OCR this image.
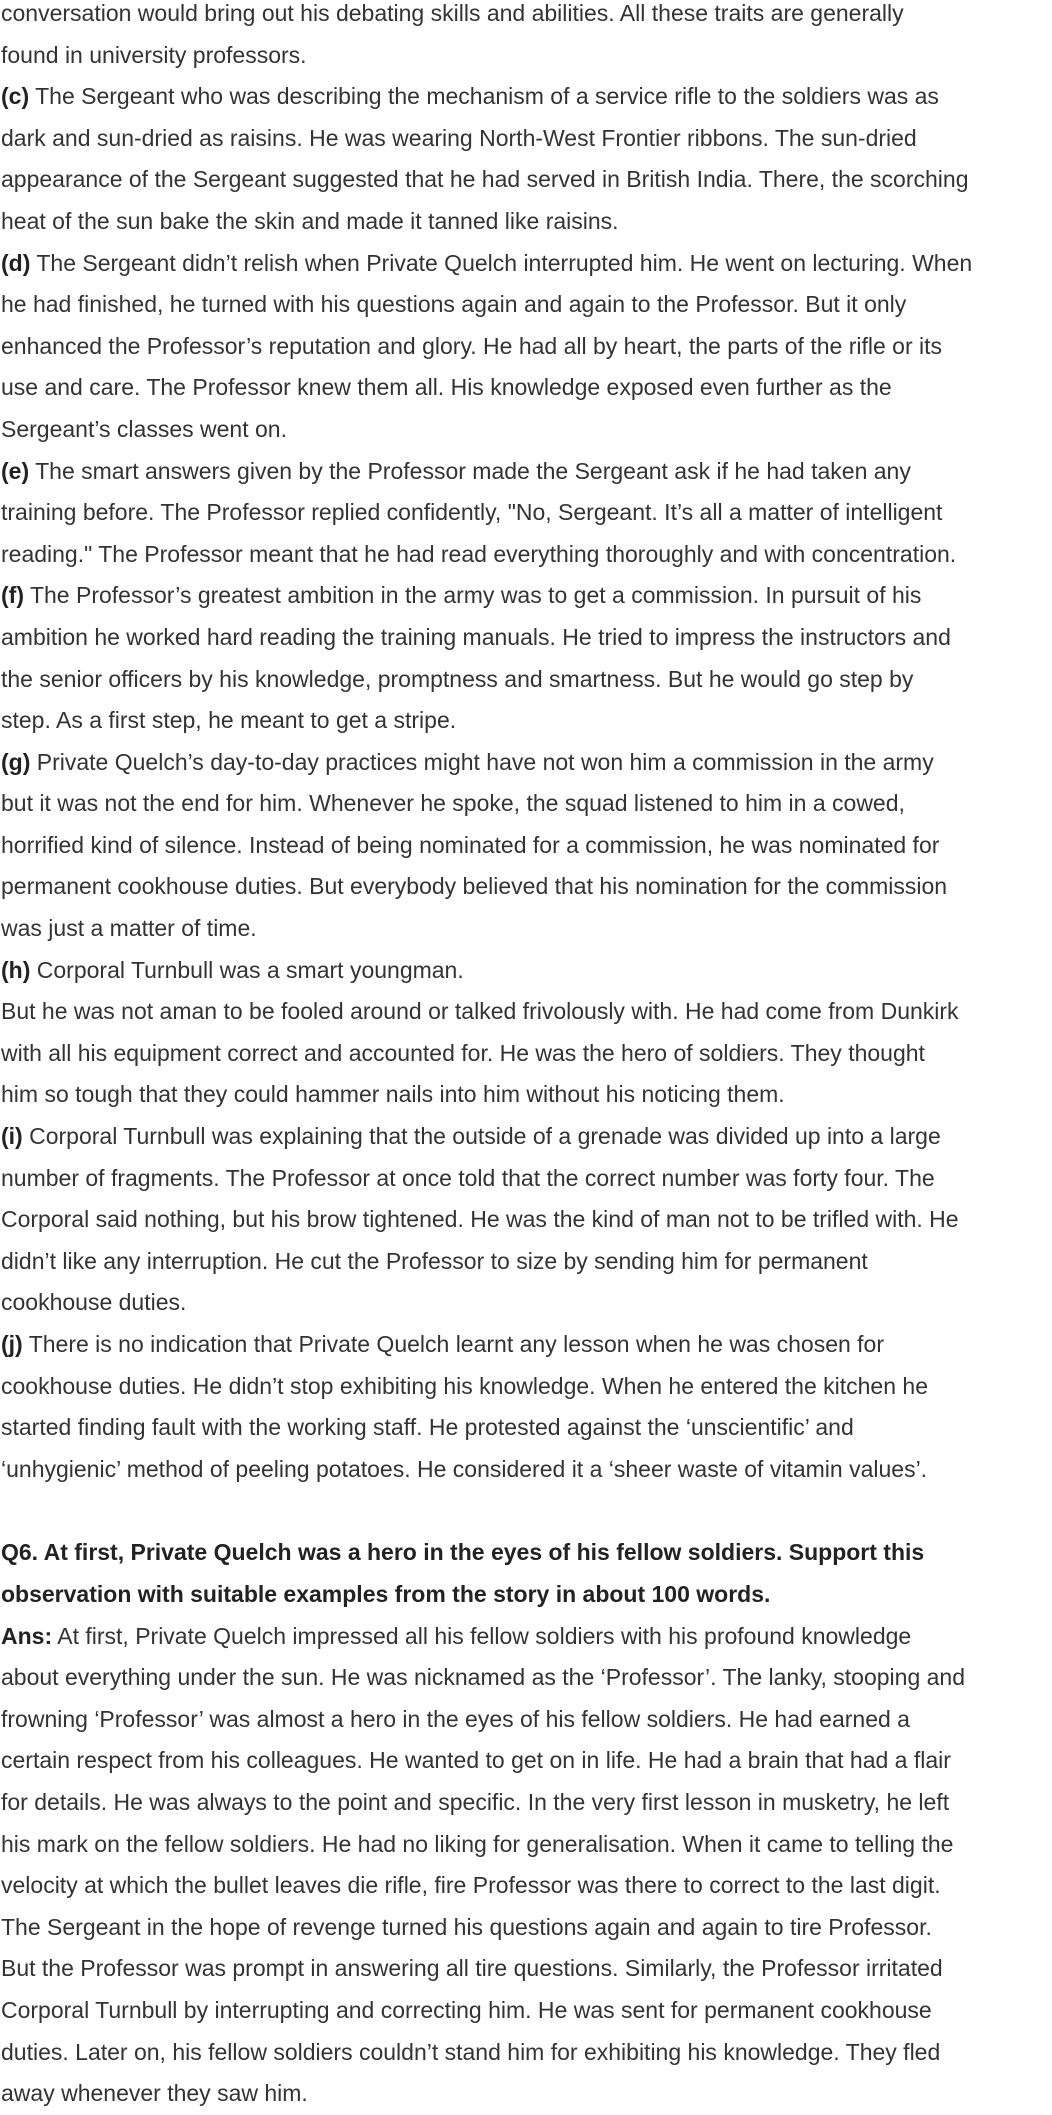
conversation would bring out his debating skills and abilities. All these traits are generally

found in university professors.

(c) The Sergeant who was describing the mechanism of a service rifle to the soldiers was as

dark and sun-dried as raisins. He was wearing North-West Frontier ribbons. The sun-dried

appearance of the Sergeant suggested that he had served in British India. There, the scorching

heat of the sun bake the skin and made it tanned like raisins.

(d) The Sergeant didn’t relish when Private Quelch interrupted him. He went on lecturing. When

he had finished, he turned with his questions again and again to the Professor. But it only

enhanced the Professor’s reputation and glory. He had all by heart, the parts of the rifle or its

use and care. The Professor knew them all. His knowledge exposed even further as the

Sergeant’s classes went on.

(e) The smart answers given by the Professor made the Sergeant ask if he had taken any

training before. The Professor replied confidently, "No, Sergeant. It’s all a matter of intelligent

reading." The Professor meant that he had read everything thoroughly and with concentration.

(f) The Professor’s greatest ambition in the army was to get a commission. In pursuit of his

ambition he worked hard reading the training manuals. He tried to impress the instructors and

the senior officers by his knowledge, promptness and smartness. But he would go step by

step. As a first step, he meant to get a stripe.

(g) Private Quelch’s day-to-day practices might have not won him a commission in the army

but it was not the end for him. Whenever he spoke, the squad listened to him in a cowed,

horrified kind of silence. Instead of being nominated for a commission, he was nominated for

permanent cookhouse duties. But everybody believed that his nomination for the commission

was just a matter of time.

(h) Corporal Turnbull was a smart youngman.

But he was not aman to be fooled around or talked frivolously with. He had come from Dunkirk

with all his equipment correct and accounted for. He was the hero of soldiers. They thought

him so tough that they could hammer nails into him without his noticing them.

(i) Corporal Turnbull was explaining that the outside of a grenade was divided up into a large

number of fragments. The Professor at once told that the correct number was forty four. The

Corporal said nothing, but his brow tightened. He was the kind of man not to be trifled with. He

didn’t like any interruption. He cut the Professor to size by sending him for permanent

cookhouse duties.

(j) There is no indication that Private Quelch learnt any lesson when he was chosen for

cookhouse duties. He didn’t stop exhibiting his knowledge. When he entered the kitchen he

started finding fault with the working staff. He protested against the ‘unscientific’ and

‘unhygienic’ method of peeling potatoes. He considered it a ‘sheer waste of vitamin values’.

Q6. At first, Private Quelch was a hero in the eyes of his fellow soldiers. Support this

observation with suitable examples from the story in about 100 words.

Ans: At first, Private Quelch impressed all his fellow soldiers with his profound knowledge

about everything under the sun. He was nicknamed as the ‘Professor’. The lanky, stooping and

frowning ‘Professor’ was almost a hero in the eyes of his fellow soldiers. He had earned a

certain respect from his colleagues. He wanted to get on in life. He had a brain that had a flair

for details. He was always to the point and specific. In the very first lesson in musketry, he left

his mark on the fellow soldiers. He had no liking for generalisation. When it came to telling the

velocity at which the bullet leaves die rifle, fire Professor was there to correct to the last digit.

The Sergeant in the hope of revenge turned his questions again and again to tire Professor.

But the Professor was prompt in answering all tire questions. Similarly, the Professor irritated

Corporal Turnbull by interrupting and correcting him. He was sent for permanent cookhouse

duties. Later on, his fellow soldiers couldn’t stand him for exhibiting his knowledge. They fled

away whenever they saw him.
